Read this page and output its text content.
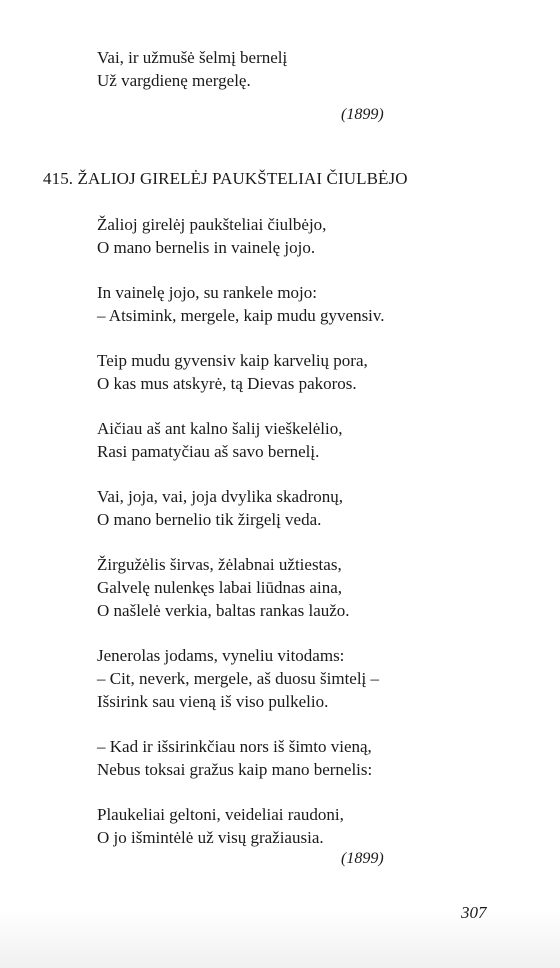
Vai, ir užmušė šelmį bernelį
Už vargdienę mergelę.
(1899)
415. ŽALIOJ GIRELĖJ PAUKŠTELIAI ČIULBĖJO
Žalioj girelėj paukšteliai čiulbėjo,
O mano bernelis in vainelę jojo.
In vainelę jojo, su rankele mojo:
– Atsimink, mergele, kaip mudu gyvensiv.
Teip mudu gyvensiv kaip karvelių pora,
O kas mus atskyrė, tą Dievas pakoros.
Aičiau aš ant kalno šalij vieškelėlio,
Rasi pamatyčiau aš savo bernelį.
Vai, joja, vai, joja dvylika skadronų,
O mano bernelio tik žirgelį veda.
Žirgužėlis širvas, žėlabnai užtiestas,
Galvelę nulenkęs labai liūdnas aina,
O našlelė verkia, baltas rankas laužo.
Jenerolas jodams, vyneliu vitodams:
– Cit, neverk, mergele, aš duosu šimtelį –
Išsirink sau vieną iš viso pulkelio.
– Kad ir išsirinkčiau nors iš šimto vieną,
Nebus toksai gražus kaip mano bernelis:
Plaukeliai geltoni, veideliai raudoni,
O jo išmintėlė už visų gražiausia.
(1899)
307
